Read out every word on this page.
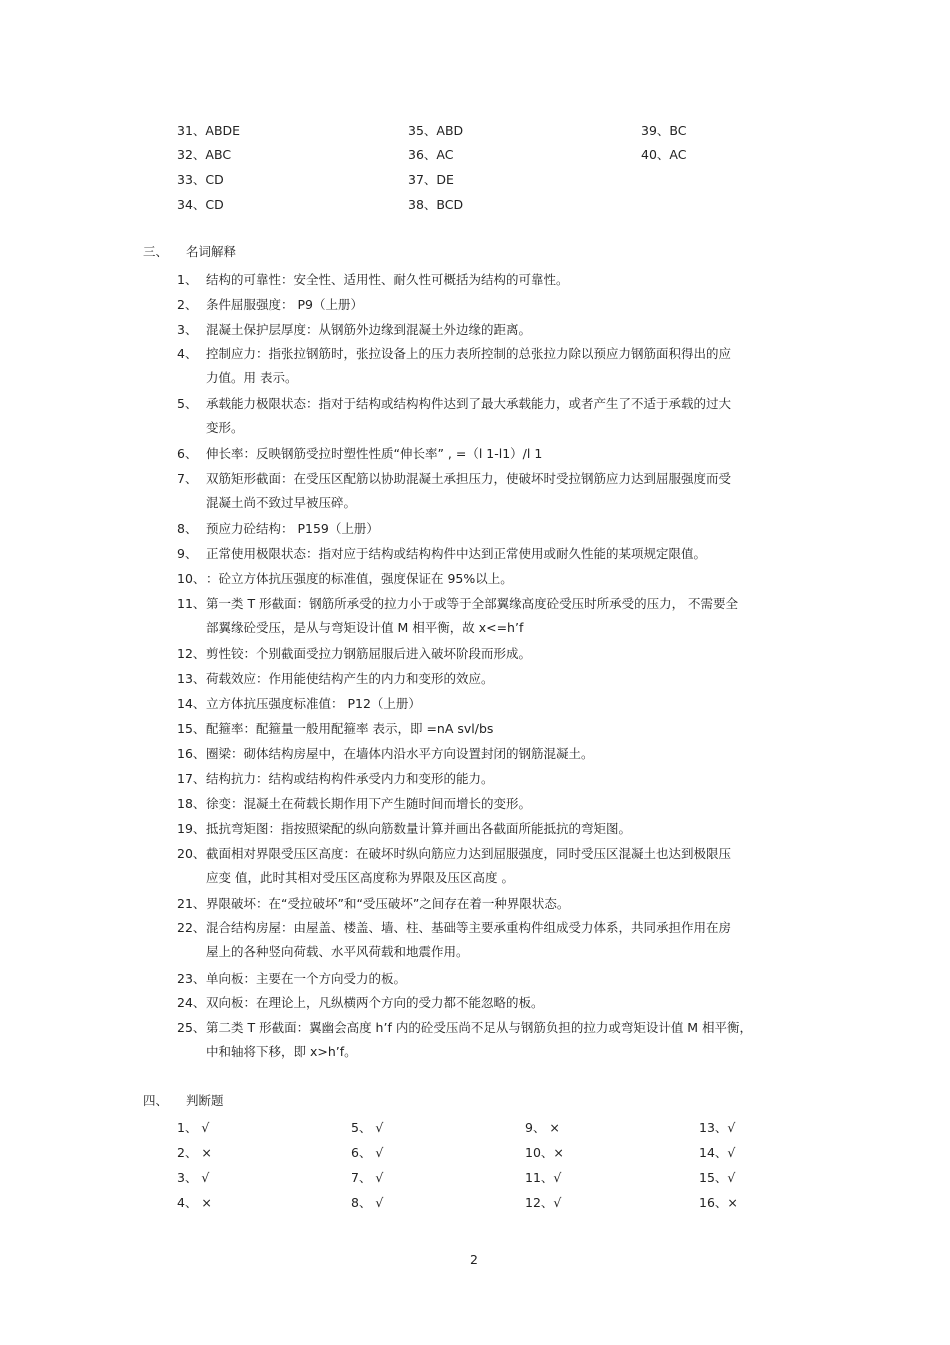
31、ABDE	35、ABD	39、BC
32、ABC	36、AC	40、AC
33、CD	37、DE
34、CD	38、BCD
三、 名词解释
1、 结构的可靠性：安全性、适用性、耐久性可概括为结构的可靠性。
2、 条件屈服强度： P9（上册）
3、 混凝土保护层厚度：从钢筋外边缘到混凝土外边缘的距离。
4、 控制应力：指张拉钢筋时，张拉设备上的压力表所控制的总张拉力除以预应力钢筋面积得出的应
力值。用 表示。
5、 承载能力极限状态：指对于结构或结构构件达到了最大承载能力，或者产生了不适于承载的过大
变形。
6、 伸长率：反映钢筋受拉时塑性性质“伸长率” , =（l 1-l1）/l 1
7、 双筋矩形截面：在受压区配筋以协助混凝土承担压力，使破坏时受拉钢筋应力达到屈服强度而受
混凝土尚不致过早被压碎。
8、 预应力砼结构： P159（上册）
9、 正常使用极限状态：指对应于结构或结构构件中达到正常使用或耐久性能的某项规定限值。
10、 ：砼立方体抗压强度的标准值，强度保证在 95%以上。
11、 第一类 T 形截面：钢筋所承受的拉力小于或等于全部翼缘高度砼受压时所承受的压力， 不需要全
部翼缘砼受压，是从与弯矩设计值 M 相平衡，故 x<=h’f
12、 剪性铰：个别截面受拉力钢筋屈服后进入破坏阶段而形成。
13、 荷载效应：作用能使结构产生的内力和变形的效应。
14、 立方体抗压强度标准值： P12（上册）
15、 配箍率：配箍量一般用配箍率 表示，即 =nA svl/bs
16、 圈梁：砌体结构房屋中，在墙体内沿水平方向设置封闭的钢筋混凝土。
17、 结构抗力：结构或结构构件承受内力和变形的能力。
18、 徐变：混凝土在荷载长期作用下产生随时间而增长的变形。
19、 抵抗弯矩图：指按照梁配的纵向筋数量计算并画出各截面所能抵抗的弯矩图。
20、 截面相对界限受压区高度：在破坏时纵向筋应力达到屈服强度，同时受压区混凝土也达到极限压
应变 值，此时其相对受压区高度称为界限及压区高度 。
21、 界限破坏：在“受拉破坏”和“受压破坏”之间存在着一种界限状态。
22、 混合结构房屋：由屋盖、楼盖、墙、柱、基础等主要承重构件组成受力体系，共同承担作用在房
屋上的各种竖向荷载、水平风荷载和地震作用。
23、 单向板：主要在一个方向受力的板。
24、 双向板：在理论上，凡纵横两个方向的受力都不能忽略的板。
25、 第二类 T 形截面：翼幽会高度 h’f 内的砼受压尚不足从与钢筋负担的拉力或弯矩设计值 M 相平衡，
中和轴将下移，即 x>h’f。
四、 判断题
1、 √	5、 √	9、 ×	13、√
2、 ×	6、 √	10、×	14、√
3、 √	7、 √	11、√	15、√
4、 ×	8、 √	12、√	16、×
2
